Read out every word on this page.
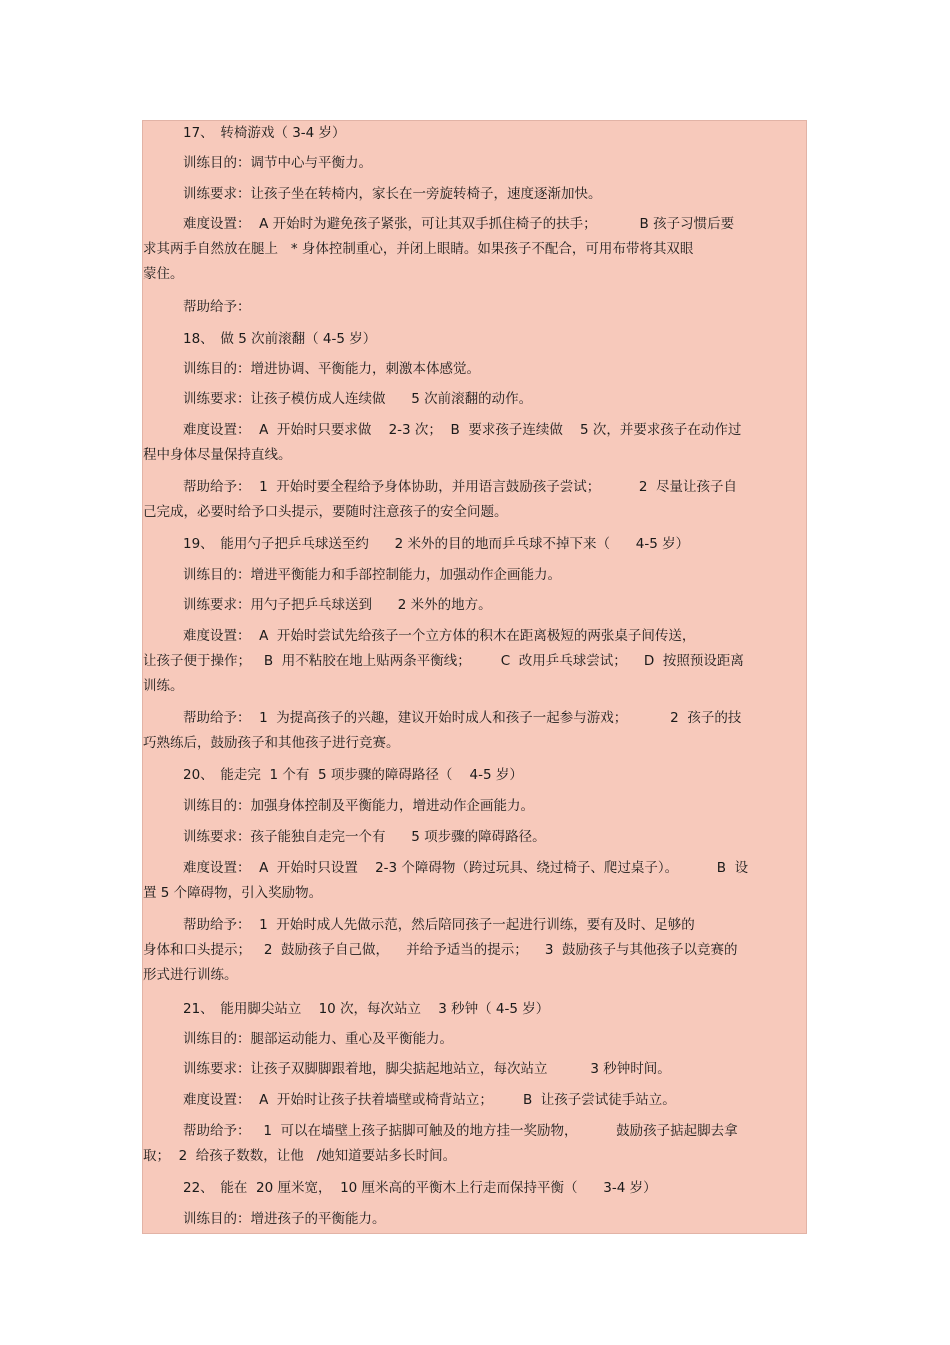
17、　转椅游戏（ 3-4 岁）
训练目的：调节中心与平衡力。
训练要求：让孩子坐在转椅内，家长在一旁旋转椅子，速度逐渐加快。
难度设置：  A 开始时为避免孩子紧张，可让其双手抓住椅子的扶手；          B 孩子习惯后要
求其两手自然放在腿上   * 身体控制重心，并闭上眼睛。如果孩子不配合，可用布带将其双眼
蒙住。
帮助给予：
18、　做 5 次前滚翻（ 4-5 岁）
训练目的：增进协调、平衡能力，刺激本体感觉。
训练要求：让孩子模仿成人连续做      5 次前滚翻的动作。
难度设置：  A  开始时只要求做    2-3 次；  B  要求孩子连续做    5 次，并要求孩子在动作过
程中身体尽量保持直线。
帮助给予：  1  开始时要全程给予身体协助，并用语言鼓励孩子尝试；         2  尽量让孩子自
己完成，必要时给予口头提示，要随时注意孩子的安全问题。
19、　能用勺子把乒乓球送至约      2 米外的目的地而乒乓球不掉下来（      4-5 岁）
训练目的：增进平衡能力和手部控制能力，加强动作企画能力。
训练要求：用勺子把乒乓球送到      2 米外的地方。
难度设置：  A  开始时尝试先给孩子一个立方体的积木在距离极短的两张桌子间传送，
让孩子便于操作；   B  用不粘胶在地上贴两条平衡线；       C  改用乒乓球尝试；    D  按照预设距离
训练。
帮助给予：  1  为提高孩子的兴趣，建议开始时成人和孩子一起参与游戏；          2  孩子的技
巧熟练后，鼓励孩子和其他孩子进行竞赛。
20、　能走完  1 个有  5 项步骤的障碍路径（    4-5 岁）
训练目的：加强身体控制及平衡能力，增进动作企画能力。
训练要求：孩子能独自走完一个有      5 项步骤的障碍路径。
难度设置：  A  开始时只设置    2-3 个障碍物（跨过玩具、绕过椅子、爬过桌子）。         B  设
置 5 个障碍物，引入奖励物。
帮助给予：  1  开始时成人先做示范，然后陪同孩子一起进行训练，要有及时、足够的
身体和口头提示；   2  鼓励孩子自己做，    并给予适当的提示；    3  鼓励孩子与其他孩子以竞赛的
形式进行训练。
21、　能用脚尖站立    10 次，每次站立    3 秒钟（ 4-5 岁）
训练目的：腿部运动能力、重心及平衡能力。
训练要求：让孩子双脚脚跟着地，脚尖掂起地站立，每次站立          3 秒钟时间。
难度设置：  A  开始时让孩子扶着墙壁或椅背站立；       B  让孩子尝试徒手站立。
帮助给予：   1  可以在墙壁上孩子掂脚可触及的地方挂一奖励物，         鼓励孩子掂起脚去拿
取；  2  给孩子数数，让他   /她知道要站多长时间。
22、　能在  20 厘米宽，  10 厘米高的平衡木上行走而保持平衡（      3-4 岁）
训练目的：增进孩子的平衡能力。
